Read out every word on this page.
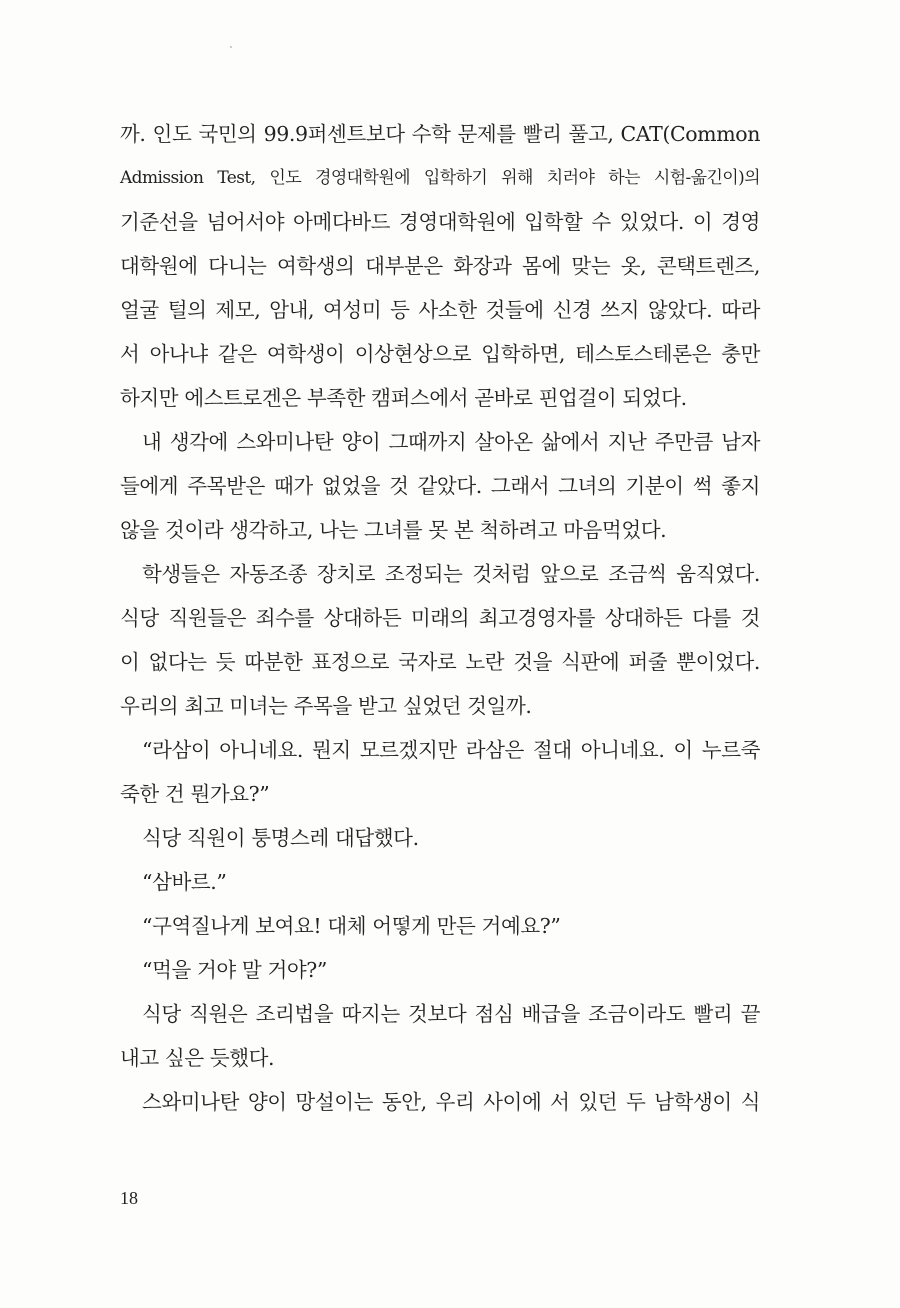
까. 인도 국민의 99.9퍼센트보다 수학 문제를 빨리 풀고, CAT(Common
Admission Test, 인도 경영대학원에 입학하기 위해 치러야 하는 시험-옮긴이)의
기준선을 넘어서야 아메다바드 경영대학원에 입학할 수 있었다. 이 경영
대학원에 다니는 여학생의 대부분은 화장과 몸에 맞는 옷, 콘택트렌즈,
얼굴 털의 제모, 암내, 여성미 등 사소한 것들에 신경 쓰지 않았다. 따라
서 아나냐 같은 여학생이 이상현상으로 입학하면, 테스토스테론은 충만
하지만 에스트로겐은 부족한 캠퍼스에서 곧바로 핀업걸이 되었다.
내 생각에 스와미나탄 양이 그때까지 살아온 삶에서 지난 주만큼 남자
들에게 주목받은 때가 없었을 것 같았다. 그래서 그녀의 기분이 썩 좋지
않을 것이라 생각하고, 나는 그녀를 못 본 척하려고 마음먹었다.
학생들은 자동조종 장치로 조정되는 것처럼 앞으로 조금씩 움직였다.
식당 직원들은 죄수를 상대하든 미래의 최고경영자를 상대하든 다를 것
이 없다는 듯 따분한 표정으로 국자로 노란 것을 식판에 퍼줄 뿐이었다.
우리의 최고 미녀는 주목을 받고 싶었던 것일까.
“라삼이 아니네요. 뭔지 모르겠지만 라삼은 절대 아니네요. 이 누르죽
죽한 건 뭔가요?”
식당 직원이 퉁명스레 대답했다.
“삼바르.”
“구역질나게 보여요! 대체 어떻게 만든 거예요?”
“먹을 거야 말 거야?”
식당 직원은 조리법을 따지는 것보다 점심 배급을 조금이라도 빨리 끝
내고 싶은 듯했다.
스와미나탄 양이 망설이는 동안, 우리 사이에 서 있던 두 남학생이 식
18
